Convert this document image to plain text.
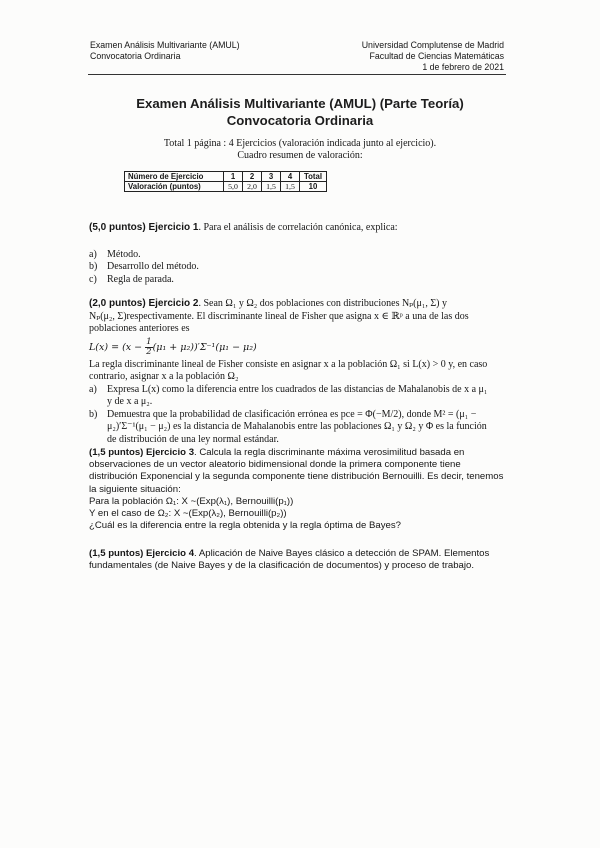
Examen Análisis Multivariante (AMUL)
Convocatoria Ordinaria
Universidad Complutense de Madrid
Facultad de Ciencias Matemáticas
1 de febrero de 2021
Examen Análisis Multivariante (AMUL) (Parte Teoría)
Convocatoria Ordinaria
Total 1 página : 4 Ejercicios (valoración indicada junto al ejercicio).
Cuadro resumen de valoración:
Número de Ejercicio	1	2	3	4	Total
Valoración (puntos)	5,0	2,0	1,5	1,5	10
(5,0 puntos) Ejercicio 1. Para el análisis de correlación canónica, explica:
a)	Método.
b) Desarrollo del método.
c)	Regla de parada.
(2,0 puntos) Ejercicio 2. Sean Ω₁ y Ω₂ dos poblaciones con distribuciones Nₚ(μ₁, Σ) y
Nₚ(μ₂, Σ)respectivamente. El discriminante lineal de Fisher que asigna x ∈ ℝᵖ a una de las dos
poblaciones anteriores es
$L(x) = (x - \frac{1}{2} (\mu_1 + \mu_2))'\Sigma^{-1}(\mu_1 - \mu_2)$
La regla discriminante lineal de Fisher consiste en asignar x a la población Ω₁ si L(x) > 0 y, en caso
contrario, asignar x a la población Ω₂
a)	Expresa L(x) como la diferencia entre los cuadrados de las distancias de Mahalanobis de x a μ₁
y de x a μ₂.
b) Demuestra que la probabilidad de clasificación errónea es pce = Φ(−M/2), donde M² = (μ₁ −
μ₂)′Σ⁻¹(μ₁ − μ₂) es la distancia de Mahalanobis entre las poblaciones Ω₁ y Ω₂ y Φ es la función
de distribución de una ley normal estándar.
(1,5 puntos) Ejercicio 3. Calcula la regla discriminante máxima verosimilitud basada en
observaciones de un vector aleatorio bidimensional donde la primera componente tiene
distribución Exponencial y la segunda componente tiene distribución Bernouilli. Es decir, tenemos
la siguiente situación:
Para la población Ω₁: X ~(Exp(λ₁), Bernouilli(p₁))
Y en el caso de Ω₂: X ~(Exp(λ₂), Bernouilli(p₂))
¿Cuál es la diferencia entre la regla obtenida y la regla óptima de Bayes?
(1,5 puntos) Ejercicio 4. Aplicación de Naive Bayes clásico a detección de SPAM. Elementos
fundamentales (de Naive Bayes y de la clasificación de documentos) y proceso de trabajo.
